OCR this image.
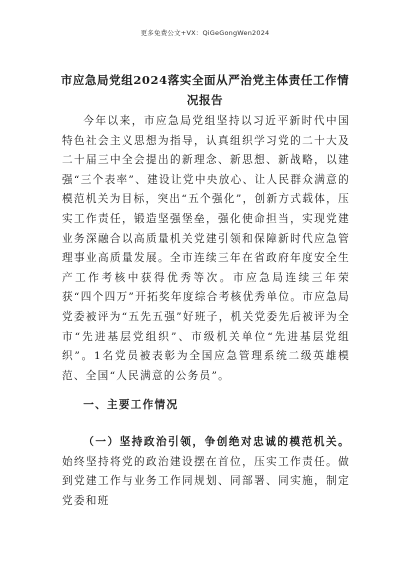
更多免费公文+VX：QiGeGongWen2024
市应急局党组2024落实全面从严治党主体责任工作情况报告

今年以来，市应急局党组坚持以习近平新时代中国特色社会主义思想为指导，认真组织学习党的二十大及二十届三中全会提出的新理念、新思想、新战略，以建强“三个表率”、建设让党中央放心、让人民群众满意的模范机关为目标，突出“五个强化”，创新方式载体，压实工作责任，锻造坚强堡垒，强化使命担当，实现党建业务深融合以高质量机关党建引领和保障新时代应急管理事业高质量发展。全市连续三年在省政府年度安全生产工作考核中获得优秀等次。市应急局连续三年荣获“四个四万”开拓奖年度综合考核优秀单位。市应急局党委被评为“五先五强”好班子，机关党委先后被评为全市“先进基层党组织”、市级机关单位“先进基层党组织”。1名党员被表彰为全国应急管理系统二级英雄模范、全国“人民满意的公务员”。

一、主要工作情况

（一）坚持政治引领，争创绝对忠诚的模范机关。始终坚持将党的政治建设摆在首位，压实工作责任。做到党建工作与业务工作同规划、同部署、同实施，制定党委和班
